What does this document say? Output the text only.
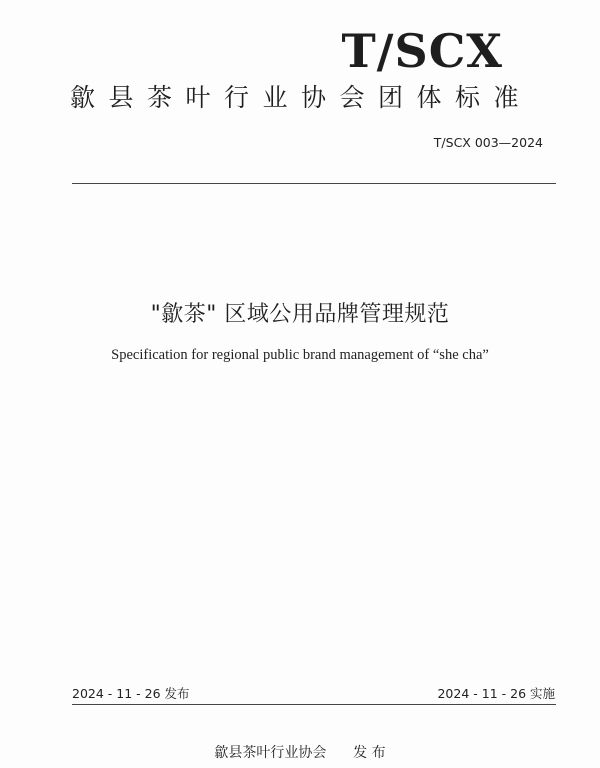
T/SCX
歙县茶叶行业协会团体标准
T/SCX 003—2024
"歙茶" 区域公用品牌管理规范
Specification for regional public brand management of “she cha”
2024 - 11 - 26 发布	2024 - 11 - 26 实施
歙县茶叶行业协会      发 布
